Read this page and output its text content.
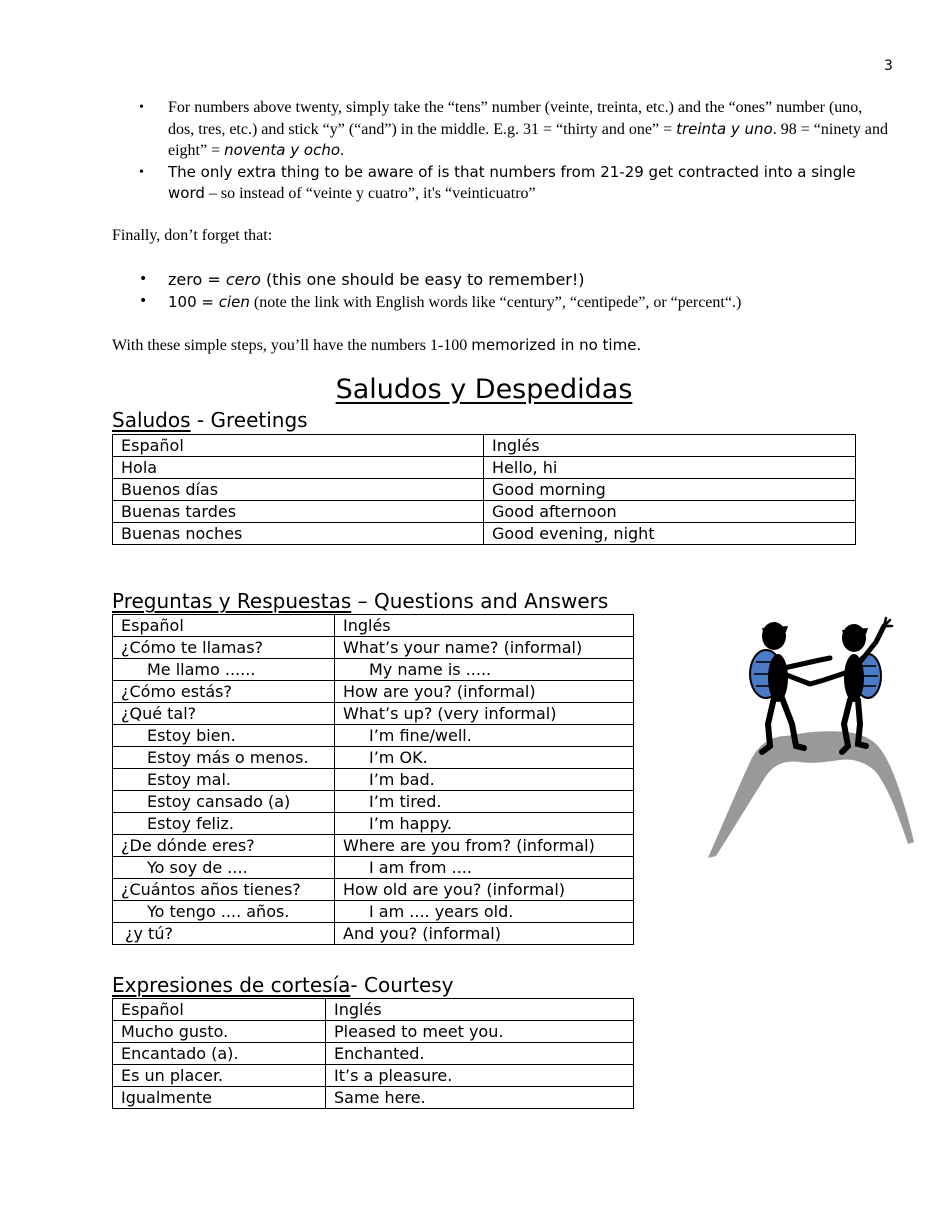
3
• For numbers above twenty, simply take the “tens” number (veinte, treinta, etc.) and the “ones” number (uno, dos, tres, etc.) and stick “y” (“and”) in the middle. E.g. 31 = “thirty and one” = treinta y uno. 98 = “ninety and eight” = noventa y ocho.
• The only extra thing to be aware of is that numbers from 21-29 get contracted into a single word – so instead of “veinte y cuatro”, it's “veinticuatro”
Finally, don’t forget that:
• zero = cero (this one should be easy to remember!)
• 100 = cien (note the link with English words like “century”, “centipede”, or “percent“.)
With these simple steps, you’ll have the numbers 1-100 memorized in no time.
Saludos y Despedidas
Saludos - Greetings
Español	Inglés
Hola	Hello, hi
Buenos días	Good morning
Buenas tardes	Good afternoon
Buenas noches	Good evening, night
Preguntas y Respuestas – Questions and Answers
Español	Inglés
¿Cómo te llamas?	What’s your name? (informal)
Me llamo ......	My name is .....
¿Cómo estás?	How are you? (informal)
¿Qué tal?	What’s up? (very informal)
Estoy bien.	I’m fine/well.
Estoy más o menos.	I’m OK.
Estoy mal.	I’m bad.
Estoy cansado (a)	I’m tired.
Estoy feliz.	I’m happy.
¿De dónde eres?	Where are you from? (informal)
Yo soy de ....	I am from ....
¿Cuántos años tienes?	How old are you? (informal)
Yo tengo .... años.	I am .... years old.
¿y tú?	And you? (informal)
Expresiones de cortesía- Courtesy
Español	Inglés
Mucho gusto.	Pleased to meet you.
Encantado (a).	Enchanted.
Es un placer.	It’s a pleasure.
Igualmente	Same here.
